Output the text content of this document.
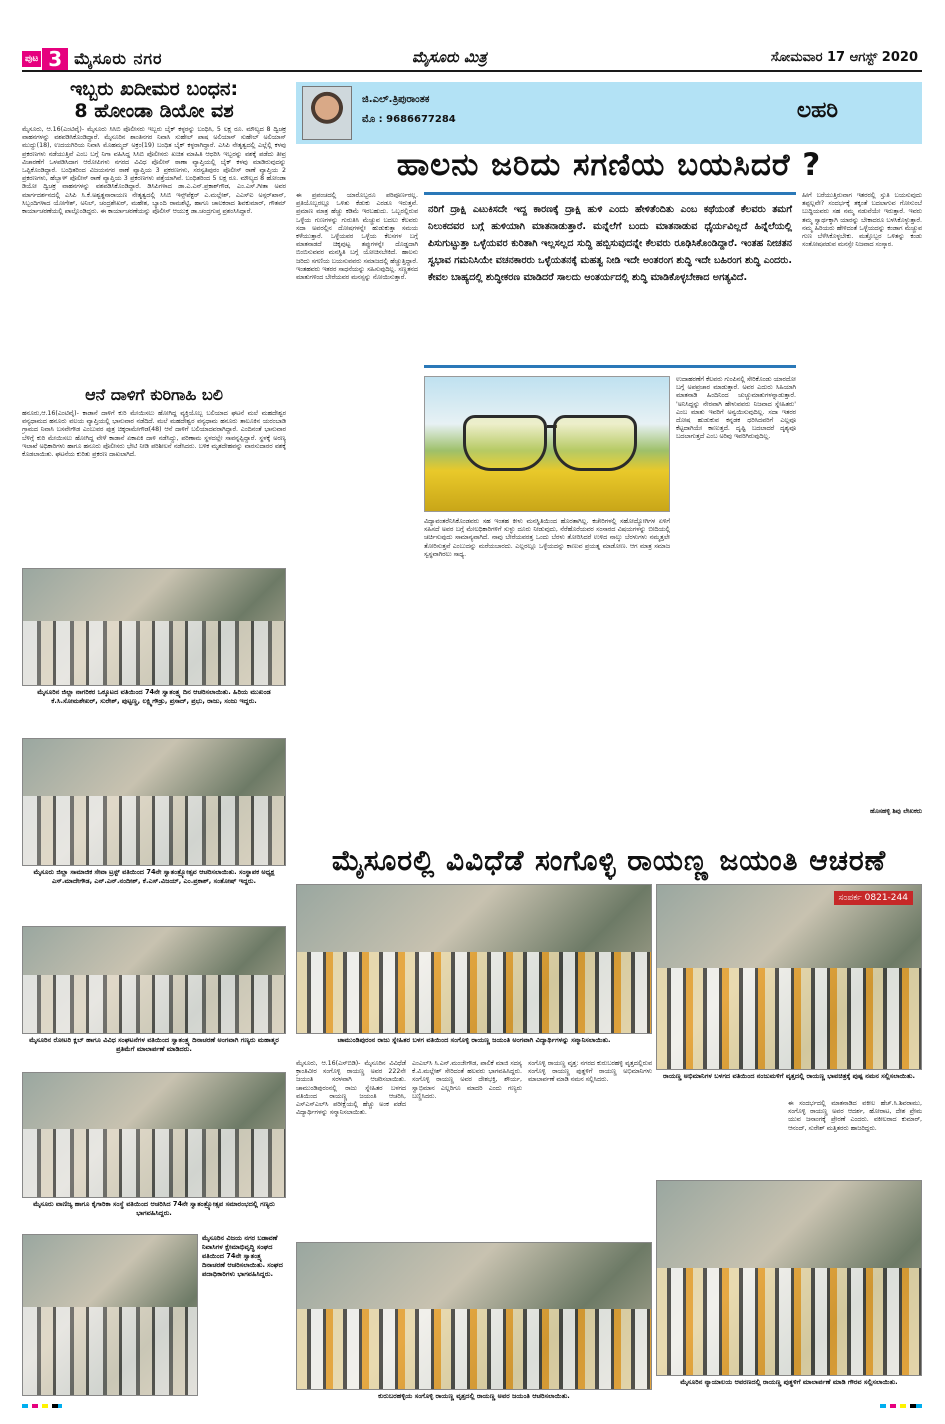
ಪುಟ 3 ಮೈಸೂರು ನಗರ	ಮೈಸೂರು ಮಿತ್ರ	ಸೋಮವಾರ 17 ಆಗಸ್ಟ್ 2020
ಇಬ್ಬರು ಖದೀಮರ ಬಂಧನ:
8 ಹೋಂಡಾ ಡಿಯೋ ವಶ
ಮೈಸೂರು, ಆ.16(ಎಂಟಿವೈ)- ಮೈಸೂರು ಸಿಸಿಬಿ ಪೊಲೀಸರು ಇಬ್ಬರು ಬೈಕ್ ಕಳ್ಳರನ್ನು ಬಂಧಿಸಿ, 5 ಲಕ್ಷ ರೂ. ಮೌಲ್ಯದ 8 ದ್ವಿಚಕ್ರ ವಾಹನಗಳನ್ನು ವಶಪಡಿಸಿಕೊಂಡಿದ್ದಾರೆ. ಮೈಸೂರಿನ ಶಾಂತಿನಗರ ನಿವಾಸಿ ಸುಹೇಲ್ ಪಾಷ ಅಲಿಯಾಸ್ ಸುಹೇಲ್ ಅಲಿಯಾಸ್ ಮುದ್ದು(18), ಉದಯಗಿರಿಯ ನಿವಾಸಿ ಮೊಹಮ್ಮದ್ ಅಕ್ರಂ(19) ಬಂಧಿತ ಬೈಕ್ ಕಳ್ಳರಾಗಿದ್ದಾರೆ. ಎಸಿಪಿ ನೇತೃತ್ವದಲ್ಲಿ ಎಲ್ಲೆಲ್ಲಿ ಕಳವು ಪ್ರಕರಣಗಳು ನಡೆಯುತ್ತಿವೆ ಎಂಬ ಬಗ್ಗೆ ನಿಗಾ ವಹಿಸಿದ್ದ ಸಿಸಿಬಿ ಪೊಲೀಸರು ಖಚಿತ ಮಾಹಿತಿ ಆಧರಿಸಿ ಇಬ್ಬರನ್ನು ವಶಕ್ಕೆ ಪಡೆದು ತೀವ್ರ ವಿಚಾರಣೆಗೆ ಒಳಪಡಿಸಿದಾಗ ಆರೋಪಿಗಳು ನಗರದ ವಿವಿಧ ಪೊಲೀಸ್ ಠಾಣಾ ವ್ಯಾಪ್ತಿಯಲ್ಲಿ ಬೈಕ್ ಕಳವು ಮಾಡಿರುವುದನ್ನು ಒಪ್ಪಿಕೊಂಡಿದ್ದಾರೆ. ಬಂಧಿತರಿಂದ ವಿಜಯನಗರ ಠಾಣೆ ವ್ಯಾಪ್ತಿಯ 3 ಪ್ರಕರಣಗಳು, ಸರಸ್ವತಿಪುರಂ ಪೊಲೀಸ್ ಠಾಣೆ ವ್ಯಾಪ್ತಿಯ 2 ಪ್ರಕರಣಗಳು, ಹೆಬ್ಬಾಳ್ ಪೊಲೀಸ್ ಠಾಣೆ ವ್ಯಾಪ್ತಿಯ 3 ಪ್ರಕರಣಗಳು ಪತ್ತೆಯಾಗಿವೆ. ಬಂಧಿತರಿಂದ 5 ಲಕ್ಷ ರೂ. ಮೌಲ್ಯದ 8 ಹೋಂಡಾ ಡಿಯೋ ದ್ವಿಚಕ್ರ ವಾಹನಗಳನ್ನು ವಶಪಡಿಸಿಕೊಂಡಿದ್ದಾರೆ. ಡಿಸಿಪಿಗಳಾದ ಡಾ.ಎ.ಎನ್.ಪ್ರಕಾಶ್‌ಗೌಡ, ಎಂ.ಎಸ್.ಗೀತಾ ಅವರ ಮಾರ್ಗದರ್ಶನದಲ್ಲಿ ಎಸಿಪಿ ಸಿ.ಕೆ.ಅಶ್ವತ್ಥನಾರಾಯಣ ನೇತೃತ್ವದಲ್ಲಿ ಸಿಸಿಬಿ ಇನ್ಸ್‌ಪೆಕ್ಟರ್ ಎ.ಮಲ್ಲೇಶ್, ಎಎಸ್‌ಐ ಅಸ್ಗರ್‌ಖಾನ್, ಸಿಬ್ಬಂದಿಗಳಾದ ಯೋಗೇಶ್, ಅನಿಲ್, ಚಂದ್ರಶೇಖರ್, ಮಹೇಶ, ಬ್ಯಾಂದಿ ರಾಮಶೆಟ್ಟಿ, ಹಾಗೂ ಚಾಲಕರಾದ ಶಿವಕುಮಾರ್, ಗೌತಮ್ ಕಾರ್ಯಾಚರಣೆಯಲ್ಲಿ ಪಾಲ್ಗೊಂಡಿದ್ದರು. ಈ ಕಾರ್ಯಾಚರಣೆಯನ್ನು ಪೊಲೀಸ್ ಆಯುಕ್ತ ಡಾ.ಚಂದ್ರಗುಪ್ತ ಪ್ರಶಂಸಿಸಿದ್ದಾರೆ.
ಆನೆ ದಾಳಿಗೆ ಕುರಿಗಾಹಿ ಬಲಿ
ಹನೂರು,ಆ.16(ಎಂಟಿವೈ)- ಕಾಡಾನೆ ದಾಳಿಗೆ ಕುರಿ ಮೇಯಿಸಲು ಹೋಗಿದ್ದ ವ್ಯಕ್ತಿಯೊಬ್ಬ ಬಲಿಯಾದ ಘಟನೆ ಮಲೆ ಮಹದೇಶ್ವರ ವನ್ಯಧಾಮದ ಹನೂರು ವಲಯ ವ್ಯಾಪ್ತಿಯಲ್ಲಿ ಭಾನುವಾರ ನಡೆದಿದೆ. ಮಲೆ ಮಹದೇಶ್ವರ ವನ್ಯಧಾಮ ಹನೂರು ತಾಲೂಕಿನ ಯರಂಬಾಡಿ ಗ್ರಾಮದ ನಿವಾಸಿ ಬಸವೇಗೌಡ ಎಂಬುವರ ಪುತ್ರ ಚಿಕ್ಕರಾಮೇಗೌಡ(48) ಆನೆ ದಾಳಿಗೆ ಬಲಿಯಾದವರಾಗಿದ್ದಾರೆ. ಎಂದಿನಂತೆ ಭಾನುವಾರ ಬೆಳಿಗ್ಗೆ ಕುರಿ ಮೇಯಿಸಲು ಹೋಗಿದ್ದ ವೇಳೆ ಕಾಡಾನೆ ಏಕಾಏಕಿ ದಾಳಿ ನಡೆಸಿದ್ದು, ಪರಿಣಾಮ ಸ್ಥಳದಲ್ಲೇ ಸಾವನ್ನಪ್ಪಿದ್ದಾರೆ. ಸ್ಥಳಕ್ಕೆ ಅರಣ್ಯ ಇಲಾಖೆ ಅಧಿಕಾರಿಗಳು ಹಾಗೂ ಹನೂರು ಪೊಲೀಸರು ಭೇಟಿ ನೀಡಿ ಪರಿಶೀಲನೆ ನಡೆಸಿದರು. ಬಳಿಕ ಮೃತದೇಹವನ್ನು ವಾರಸುದಾರರ ವಶಕ್ಕೆ ಕೊಡಲಾಯಿತು. ಘಟನೆಯ ಕುರಿತು ಪ್ರಕರಣ ದಾಖಲಾಗಿದೆ.
ಮೈಸೂರಿನ ಜಿಲ್ಲಾ ನಾಗರಿಕರ ಒಕ್ಕೂಟದ ವತಿಯಿಂದ 74ನೇ ಸ್ವಾತಂತ್ರ್ಯ ದಿನ ಆಚರಿಸಲಾಯಿತು. ಹಿರಿಯ ಮುಖಂಡ ಕೆ.ಸಿ.ಸೋಮಶೇಖರ್, ಸುರೇಶ್, ಪುಟ್ಟಣ್ಣ, ಲಕ್ಷ್ಮಿಗೌಡ್ರು, ಪ್ರಸಾದ್, ಪ್ರಭು, ರಾಜು, ಸಂಜು ಇದ್ದರು.
ಮೈಸೂರು ಜಿಲ್ಲಾ ಸಾಮಾಜಿಕ ಸೇವಾ ಟ್ರಸ್ಟ್ ವತಿಯಿಂದ 74ನೇ ಸ್ವಾತಂತ್ರ್ಯೋತ್ಸವ ಆಚರಿಸಲಾಯಿತು. ಸಂಸ್ಥಾಪಕ ಅಧ್ಯಕ್ಷ ಎಸ್.ಮಾದೇಗೌಡ, ಎನ್.ಎನ್.ನಂದೀಶ್, ಕೆ.ಎಸ್.ವಿಜಯ್, ಎಂ.ಪ್ರಕಾಶ್, ಸಂತೋಷ್ ಇದ್ದರು.
ಮೈಸೂರಿನ ರೋಟರಿ ಕ್ಲಬ್ ಹಾಗೂ ವಿವಿಧ ಸಂಘಟನೆಗಳ ವತಿಯಿಂದ ಸ್ವಾತಂತ್ರ್ಯ ದಿನಾಚರಣೆ ಅಂಗವಾಗಿ ಗಣ್ಯರು ಮಹಾತ್ಮರ ಪ್ರತಿಮೆಗೆ ಮಾಲಾರ್ಪಣೆ ಮಾಡಿದರು.
ಮೈಸೂರು ವಾಣಿಜ್ಯ ಹಾಗೂ ಕೈಗಾರಿಕಾ ಸಂಸ್ಥೆ ವತಿಯಿಂದ ಆಚರಿಸಿದ 74ನೇ ಸ್ವಾತಂತ್ರ್ಯೋತ್ಸವ ಸಮಾರಂಭದಲ್ಲಿ ಗಣ್ಯರು ಭಾಗವಹಿಸಿದ್ದರು.
ಮೈಸೂರಿನ ವಿಜಯ ನಗರ ಬಡಾವಣೆ ನಿವಾಸಿಗಳ ಕ್ಷೇಮಾಭಿವೃದ್ಧಿ ಸಂಘದ ವತಿಯಿಂದ 74ನೇ ಸ್ವಾತಂತ್ರ್ಯ ದಿನಾಚರಣೆ ಆಚರಿಸಲಾಯಿತು. ಸಂಘದ ಪದಾಧಿಕಾರಿಗಳು ಭಾಗವಹಿಸಿದ್ದರು.
ಜಿ.ಎಲ್.ತ್ರಿಪುರಾಂತಕ
ಮೊ : 9686677284	ಲಹರಿ
ಹಾಲನು ಜರಿದು ಸಗಣಿಯ ಬಯಸಿದರೆ ?
ಈ ಪ್ರಪಂಚದಲ್ಲಿ ಯಾರೊಬ್ಬರೂ ಪರಿಪೂರ್ಣರಲ್ಲ. ಪ್ರತಿಯೊಬ್ಬರಲ್ಲೂ ಒಳಿತು ಕೆಡುಕು ಎರಡೂ ಇರುತ್ತವೆ. ಪ್ರಮಾಣ ಮಾತ್ರ ಹೆಚ್ಚು ಕಡಿಮೆ ಇರಬಹುದು. ಒಬ್ಬರಲ್ಲಿರುವ ಒಳ್ಳೆಯ ಗುಣಗಳನ್ನು ಗುರುತಿಸಿ ಮೆಚ್ಚುವ ಬದಲು ಕೆಲವರು ಸದಾ ಅವರಲ್ಲಿನ ದೋಷಗಳನ್ನೇ ಹುಡುಕುತ್ತಾ ಸಮಯ ಕಳೆಯುತ್ತಾರೆ. ಒಳ್ಳೆಯವರ ಒಳ್ಳೆಯ ಕೆಲಸಗಳ ಬಗ್ಗೆ ಮಾತನಾಡದೆ ಚಿಕ್ಕಪುಟ್ಟ ತಪ್ಪುಗಳನ್ನೇ ದೊಡ್ಡದಾಗಿ ಬಿಂಬಿಸುವವರ ಮನಸ್ಥಿತಿ ಬಗ್ಗೆ ಯೋಚಿಸಬೇಕಿದೆ. ಹಾಲನು ಜರಿದು ಸಗಣಿಯ ಬಯಸುವವರು ಸಮಾಜದಲ್ಲಿ ಹೆಚ್ಚುತ್ತಿದ್ದಾರೆ. ಇಂತಹವರು ಇತರರ ಸಾಧನೆಯನ್ನು ಸಹಿಸುವುದಿಲ್ಲ. ಸಣ್ಣತನದ ಮಾತುಗಳಿಂದ ಬೇರೆಯವರ ಮನಸ್ಸನ್ನು ನೋಯಿಸುತ್ತಾರೆ.
ನರಿಗೆ ದ್ರಾಕ್ಷಿ ಎಟುಕಿಸದೇ ಇದ್ದ ಕಾರಣಕ್ಕೆ ದ್ರಾಕ್ಷಿ ಹುಳಿ ಎಂದು ಹೇಳಿತೆಂದಿತು ಎಂಬ ಕಥೆಯಂತೆ ಕೆಲವರು ತಮಗೆ ನಿಲುಕದವರ ಬಗ್ಗೆ ಹುಳಿಯಾಗಿ ಮಾತನಾಡುತ್ತಾರೆ. ಮನ್ನೆಲೆಗೆ ಬಂದು ಮಾತನಾಡುವ ಧೈರ್ಯವಿಲ್ಲದೆ ಹಿನ್ನೆಲೆಯಲ್ಲಿ ಪಿಸುಗುಟ್ಟುತ್ತಾ ಒಳ್ಳೆಯವರ ಕುರಿತಾಗಿ ಇಲ್ಲಸಲ್ಲದ ಸುದ್ದಿ ಹಬ್ಬಿಸುವುದನ್ನೇ ಕೆಲವರು ರೂಢಿಸಿಕೊಂಡಿದ್ದಾರೆ. ಇಂತಹ ನೀಚತನ ಸ್ವಭಾವ ಗಮನಿಸಿಯೇ ವಚನಕಾರರು ಒಳ್ಳೆಯತನಕ್ಕೆ ಮಹತ್ವ ನೀಡಿ ಇದೇ ಅಂತರಂಗ ಶುದ್ಧಿ ಇದೇ ಬಹಿರಂಗ ಶುದ್ಧಿ ಎಂದರು. ಕೇವಲ ಬಾಹ್ಯದಲ್ಲಿ ಶುದ್ಧೀಕರಣ ಮಾಡಿದರೆ ಸಾಲದು ಆಂತರ್ಯದಲ್ಲಿ ಶುದ್ಧಿ ಮಾಡಿಕೊಳ್ಳಬೇಕಾದ ಅಗತ್ಯವಿದೆ.
ಹೀಗೆ ಬರೆಯುತ್ತಿರುವಾಗ ಇತರರಲ್ಲಿ ಸ್ತುತಿ ಬಯಸುವುದು ತಪ್ಪಲ್ಲವೇ? ಸಂದರ್ಭಕ್ಕೆ ತಕ್ಕಂತೆ ಬದಲಾಗುವ ಗೋಸುಂಬೆ ಬುದ್ಧಿಯವರು ಸಹ ನಮ್ಮ ನಡುವೆಯೇ ಇರುತ್ತಾರೆ. ಇವರು ತಮ್ಮ ಸ್ವಾರ್ಥಕ್ಕಾಗಿ ಯಾರನ್ನು ಬೇಕಾದರೂ ಬಳಸಿಕೊಳ್ಳುತ್ತಾರೆ. ನಮ್ಮ ಹಿರಿಯರು ಹೇಳಿದಂತೆ ಒಳ್ಳೆಯದನ್ನು ಕಂಡಾಗ ಮೆಚ್ಚುವ ಗುಣ ಬೆಳೆಸಿಕೊಳ್ಳಬೇಕು. ಮತ್ತೊಬ್ಬರ ಒಳಿತನ್ನು ಕಂಡು ಸಂತೋಷಪಡುವ ಮನಸ್ಸೇ ನಿಜವಾದ ಸಂಸ್ಕಾರ.
ಉದಾಹರಣೆಗೆ ಕೆಲವರು ಗುಂಪಿನಲ್ಲಿ ಸೇರಿಕೊಂಡು ಯಾರದೋ ಬಗ್ಗೆ ಅಪಪ್ರಚಾರ ಮಾಡುತ್ತಾರೆ. ಅವರ ಎದುರು ಸಿಹಿಯಾಗಿ ಮಾತನಾಡಿ ಹಿಂದಿನಿಂದ ಚುಚ್ಚುಮಾತುಗಳನ್ನಾಡುತ್ತಾರೆ. 'ಅನಿಸಿದ್ದನ್ನು ನೇರವಾಗಿ ಹೇಳುವವರು ನಿಜವಾದ ಸ್ನೇಹಿತರು' ಎಂಬ ಮಾತು ಇವರಿಗೆ ಅನ್ವಯಿಸುವುದಿಲ್ಲ. ಸದಾ ಇತರರ ದೋಷ ಹುಡುಕುವ ಕನ್ನಡಕ ಧರಿಸಿದವರಿಗೆ ಎಲ್ಲವೂ ಕೆಟ್ಟದಾಗಿಯೇ ಕಾಣುತ್ತದೆ. ದೃಷ್ಟಿ ಬದಲಾದರೆ ದೃಶ್ಯವೂ ಬದಲಾಗುತ್ತದೆ ಎಂಬ ಅರಿವು ಇವರಿಗಿರುವುದಿಲ್ಲ.
ವಿದ್ಯಾವಂತರೆನಿಸಿಕೊಂಡವರು ಸಹ ಇಂತಹ ಕೀಳು ಮನಸ್ಥಿತಿಯಿಂದ ಹೊರತಾಗಿಲ್ಲ. ಕಚೇರಿಗಳಲ್ಲಿ ಸಹೋದ್ಯೋಗಿಗಳ ಏಳಿಗೆ ಸಹಿಸದೆ ಅವರ ಬಗ್ಗೆ ಮೇಲಧಿಕಾರಿಗಳಿಗೆ ಸುಳ್ಳು ದೂರು ನೀಡುವುದು, ನೆರೆಹೊರೆಯವರ ಸಂಸಾರದ ವಿಷಯಗಳನ್ನು ಬೀದಿಯಲ್ಲಿ ಚರ್ಚಿಸುವುದು ಸಾಮಾನ್ಯವಾಗಿದೆ. ನಾವು ಬೇರೆಯವರತ್ತ ಒಂದು ಬೆರಳು ತೋರಿಸಿದರೆ ಉಳಿದ ನಾಲ್ಕು ಬೆರಳುಗಳು ನಮ್ಮತ್ತಲೇ ತೋರಿಸುತ್ತವೆ ಎಂಬುದನ್ನು ಮರೆಯಬಾರದು. ಎಲ್ಲರಲ್ಲೂ ಒಳ್ಳೆಯದನ್ನು ಕಾಣುವ ಪ್ರಯತ್ನ ಮಾಡೋಣ. ಆಗ ಮಾತ್ರ ಸಮಾಜ ಸ್ವಸ್ಥವಾಗಿರಲು ಸಾಧ್ಯ.
ಹೊಸಹಳ್ಳಿ ಶಿವು ಲೇಖಕರು
ಮೈಸೂರಲ್ಲಿ ವಿವಿಧೆಡೆ ಸಂಗೊಳ್ಳಿ ರಾಯಣ್ಣ ಜಯಂತಿ ಆಚರಣೆ
ಚಾಮುಂಡಿಪುರಂನ ರಾಜು ಸ್ನೇಹಿತರ ಬಳಗ ವತಿಯಿಂದ ಸಂಗೊಳ್ಳಿ ರಾಯಣ್ಣ ಜಯಂತಿ ಅಂಗವಾಗಿ ವಿದ್ಯಾರ್ಥಿಗಳನ್ನು ಸನ್ಮಾನಿಸಲಾಯಿತು.
ಸಂಪರ್ಕ 0821-244
ರಾಯಣ್ಣ ಅಭಿಮಾನಿಗಳ ಬಳಗದ ವತಿಯಿಂದ ನಂಜುಮಳಿಗೆ ವೃತ್ತದಲ್ಲಿ ರಾಯಣ್ಣ ಭಾವಚಿತ್ರಕ್ಕೆ ಪುಷ್ಪ ನಮನ ಸಲ್ಲಿಸಲಾಯಿತು.
ಮೈಸೂರು, ಆ.16(ಎಸ್‌ಬಿಡಿ)- ಮೈಸೂರಿನ ವಿವಿಧೆಡೆ ಕ್ರಾಂತಿವೀರ ಸಂಗೊಳ್ಳಿ ರಾಯಣ್ಣ ಅವರ 222ನೇ ಜಯಂತಿ ಸರಳವಾಗಿ ಆಚರಿಸಲಾಯಿತು. ಚಾಮುಂಡಿಪುರಂನಲ್ಲಿ ರಾಜು ಸ್ನೇಹಿತರ ಬಳಗದ ವತಿಯಿಂದ ರಾಯಣ್ಣ ಜಯಂತಿ ಆಚರಿಸಿ, ಎಸ್‌ಎಸ್‌ಎಲ್‌ಸಿ ಪರೀಕ್ಷೆಯಲ್ಲಿ ಹೆಚ್ಚು ಅಂಕ ಪಡೆದ ವಿದ್ಯಾರ್ಥಿಗಳನ್ನು ಸನ್ಮಾನಿಸಲಾಯಿತು.
ಎಂಎಲ್‌ಸಿ ಸಿ.ಎನ್.ಮಂಜೇಗೌಡ, ಪಾಲಿಕೆ ಮಾಜಿ ಸದಸ್ಯ ಕೆ.ವಿ.ಮಲ್ಲೇಶ್ ಸೇರಿದಂತೆ ಹಲವರು ಭಾಗವಹಿಸಿದ್ದರು. ಸಂಗೊಳ್ಳಿ ರಾಯಣ್ಣ ಅವರ ದೇಶಭಕ್ತಿ, ಶೌರ್ಯ, ಸ್ವಾಭಿಮಾನ ಎಲ್ಲರಿಗೂ ಮಾದರಿ ಎಂದು ಗಣ್ಯರು ಬಣ್ಣಿಸಿದರು.
ಸಂಗೊಳ್ಳಿ ರಾಯಣ್ಣ ವೃತ್ತ: ನಗರದ ಕುರುಬರಹಳ್ಳಿ ವೃತ್ತದಲ್ಲಿರುವ ಸಂಗೊಳ್ಳಿ ರಾಯಣ್ಣ ಪುತ್ಥಳಿಗೆ ರಾಯಣ್ಣ ಅಭಿಮಾನಿಗಳು ಮಾಲಾರ್ಪಣೆ ಮಾಡಿ ನಮನ ಸಲ್ಲಿಸಿದರು.
ಈ ಸಂದರ್ಭದಲ್ಲಿ ಮಾತನಾಡಿದ ವಕೀಲ ಹೆಚ್.ಸಿ.ಶಿವರಾಮು, ಸಂಗೊಳ್ಳಿ ರಾಯಣ್ಣ ಅವರ ಆದರ್ಶ, ಹೋರಾಟ, ದೇಶ ಪ್ರೇಮ ಯುವ ಜನಾಂಗಕ್ಕೆ ಪ್ರೇರಣೆ ಎಂದರು. ವಕೀಲರಾದ ಕುಮಾರ್, ಆನಂದ್, ಸುರೇಶ್ ಮತ್ತಿತರರು ಹಾಜರಿದ್ದರು.
ಕುರುಬರಹಳ್ಳಿಯ ಸಂಗೊಳ್ಳಿ ರಾಯಣ್ಣ ವೃತ್ತದಲ್ಲಿ ರಾಯಣ್ಣ ಅವರ ಜಯಂತಿ ಆಚರಿಸಲಾಯಿತು.
ಮೈಸೂರಿನ ನ್ಯಾಯಾಲಯ ಆವರಣದಲ್ಲಿ ರಾಯಣ್ಣ ಪುತ್ಥಳಿಗೆ ಮಾಲಾರ್ಪಣೆ ಮಾಡಿ ಗೌರವ ಸಲ್ಲಿಸಲಾಯಿತು.
